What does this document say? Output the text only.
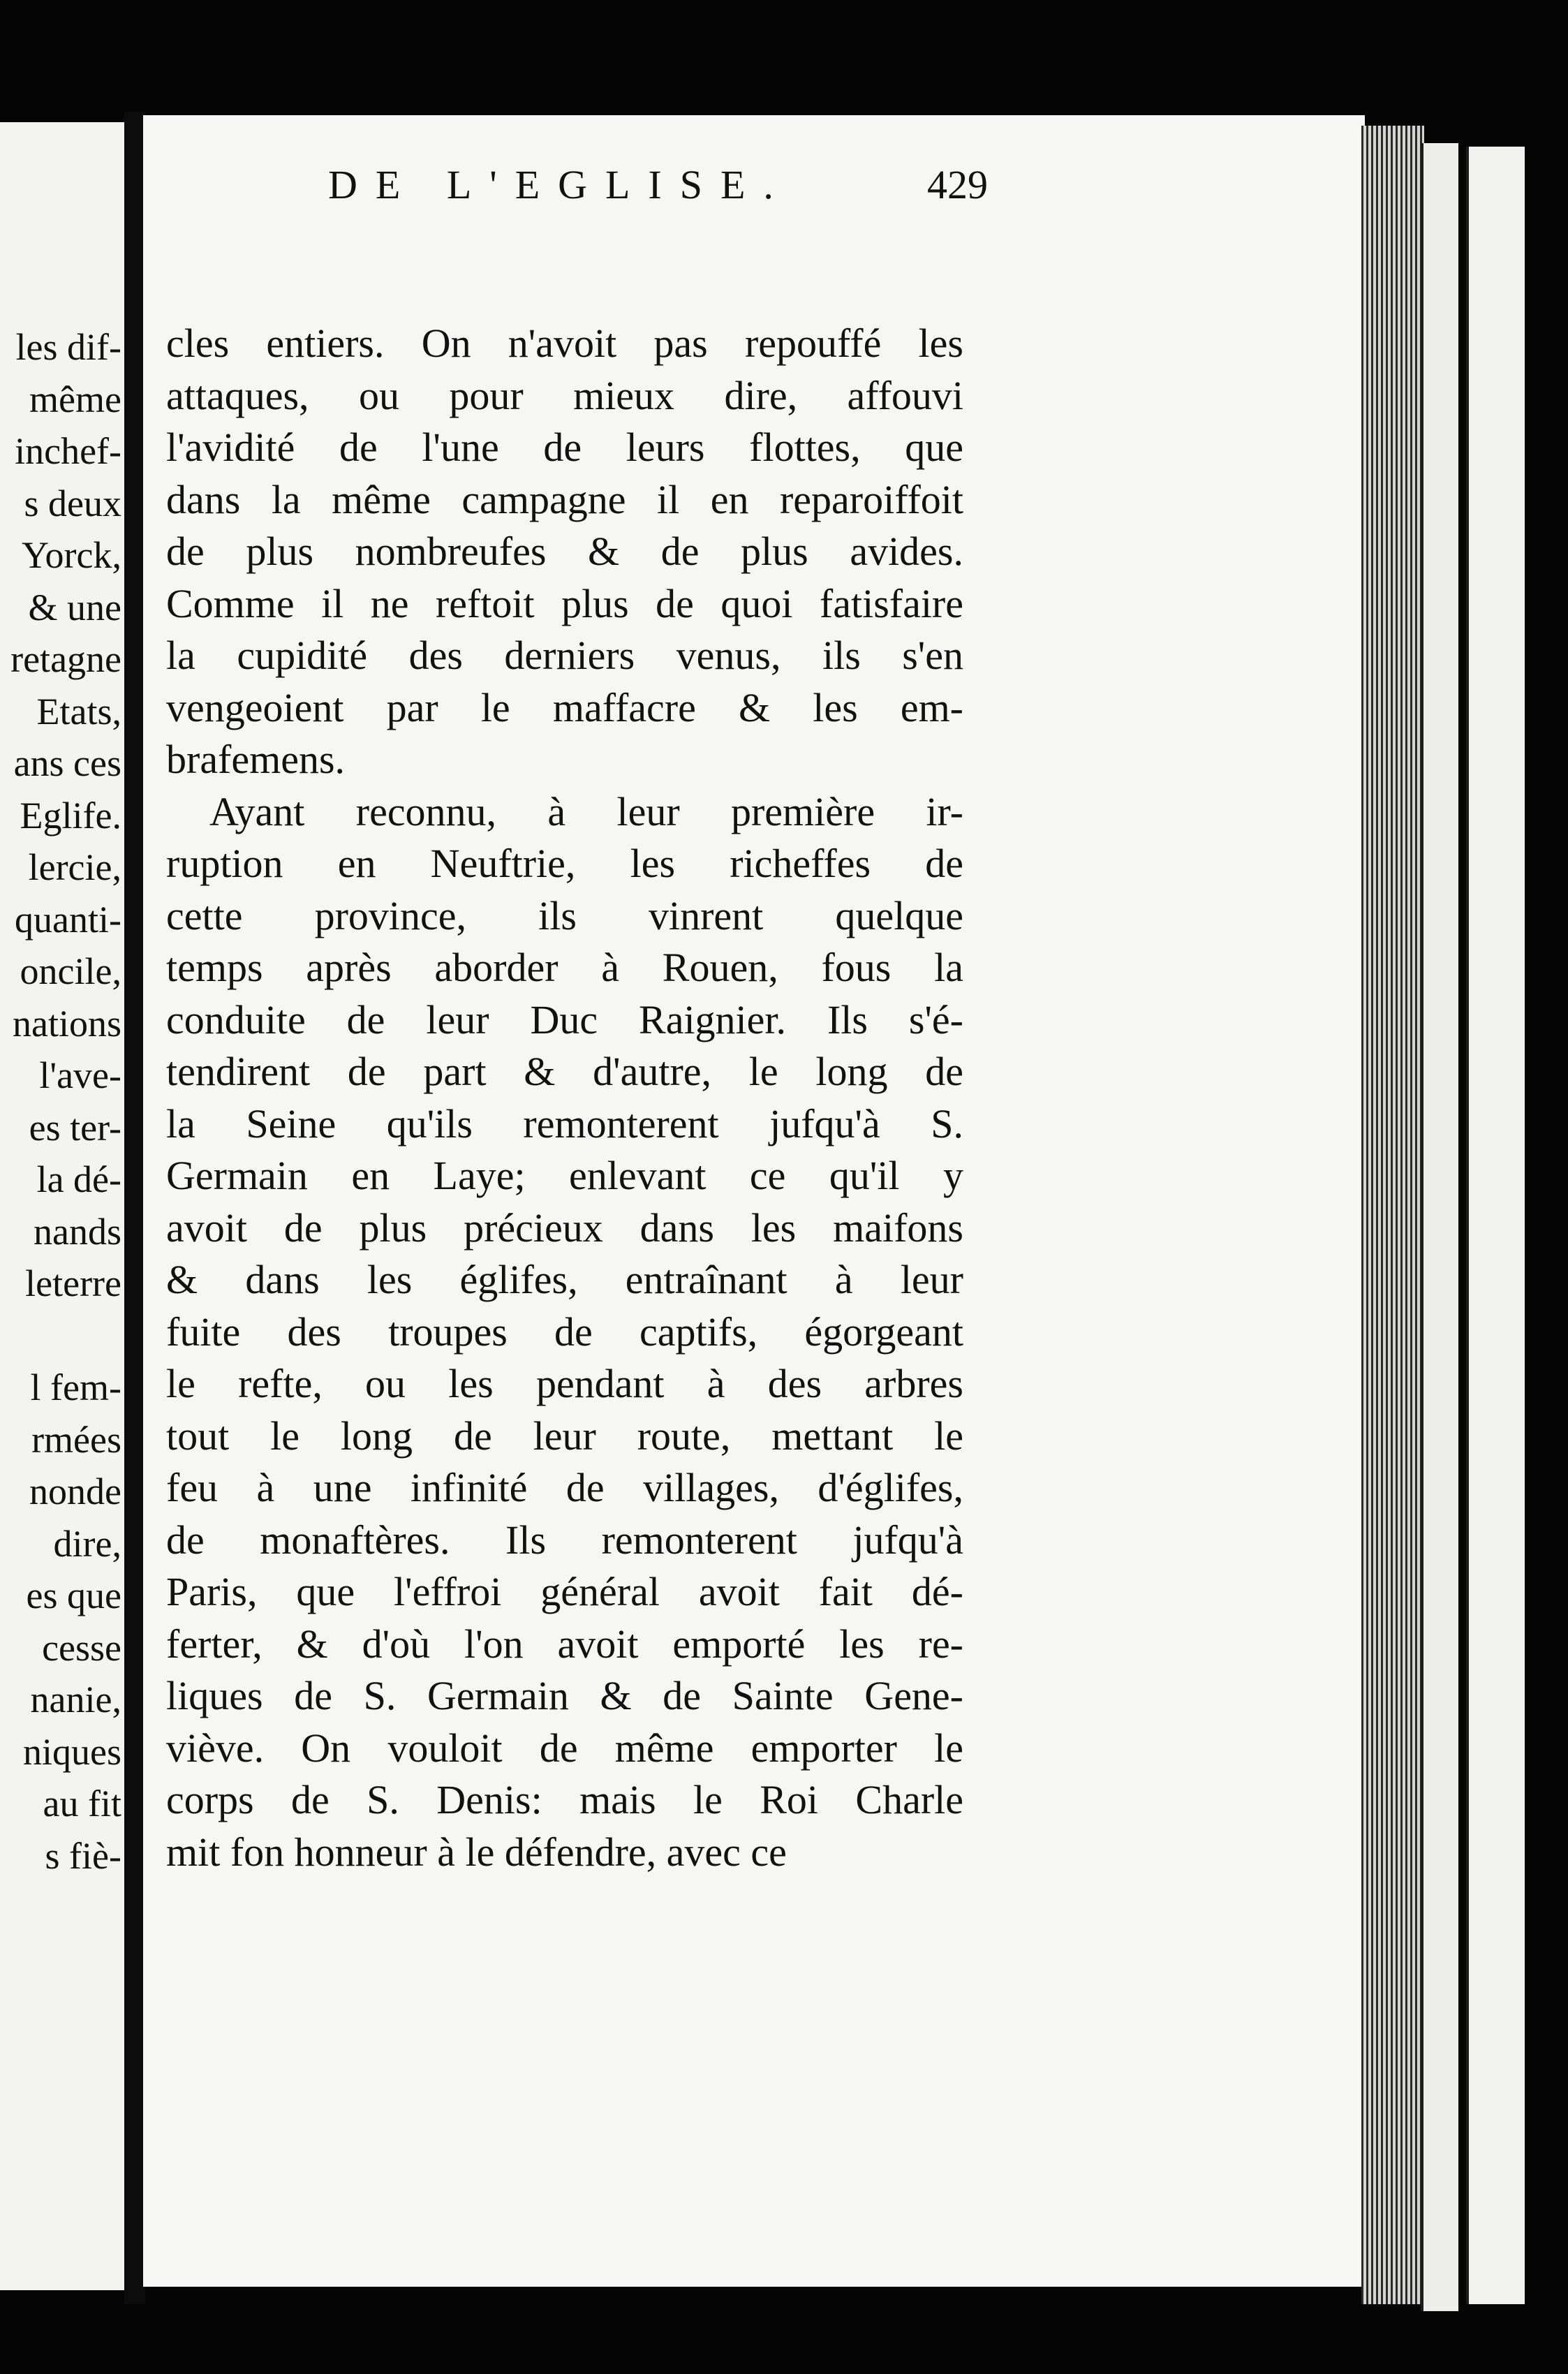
les dif-
même
inchef-
s deux
Yorck,
& une
retagne
Etats,
ans ces
Eglife.
lercie,
quanti-
oncile,
nations
l'ave-
es ter-
la dé-
nands
leterre
l fem-
rmées
nonde
dire,
es que
cesse
nanie,
niques
au fit
s fiè-
DE L'EGLISE.	429
cles entiers. On n'avoit pas repouffé les
attaques, ou pour mieux dire, affouvi
l'avidité de l'une de leurs flottes, que
dans la même campagne il en reparoiffoit
de plus nombreufes & de plus avides.
Comme il ne reftoit plus de quoi fatisfaire
la cupidité des derniers venus, ils s'en
vengeoient par le maffacre & les em-
brafemens.
Ayant reconnu, à leur première ir-
ruption en Neuftrie, les richeffes de
cette province, ils vinrent quelque
temps après aborder à Rouen, fous la
conduite de leur Duc Raignier. Ils s'é-
tendirent de part & d'autre, le long de
la Seine qu'ils remonterent jufqu'à S.
Germain en Laye; enlevant ce qu'il y
avoit de plus précieux dans les maifons
& dans les églifes, entraînant à leur
fuite des troupes de captifs, égorgeant
le refte, ou les pendant à des arbres
tout le long de leur route, mettant le
feu à une infinité de villages, d'églifes,
de monaftères. Ils remonterent jufqu'à
Paris, que l'effroi général avoit fait dé-
ferter, & d'où l'on avoit emporté les re-
liques de S. Germain & de Sainte Gene-
viève. On vouloit de même emporter le
corps de S. Denis: mais le Roi Charle
mit fon honneur à le défendre, avec ce
